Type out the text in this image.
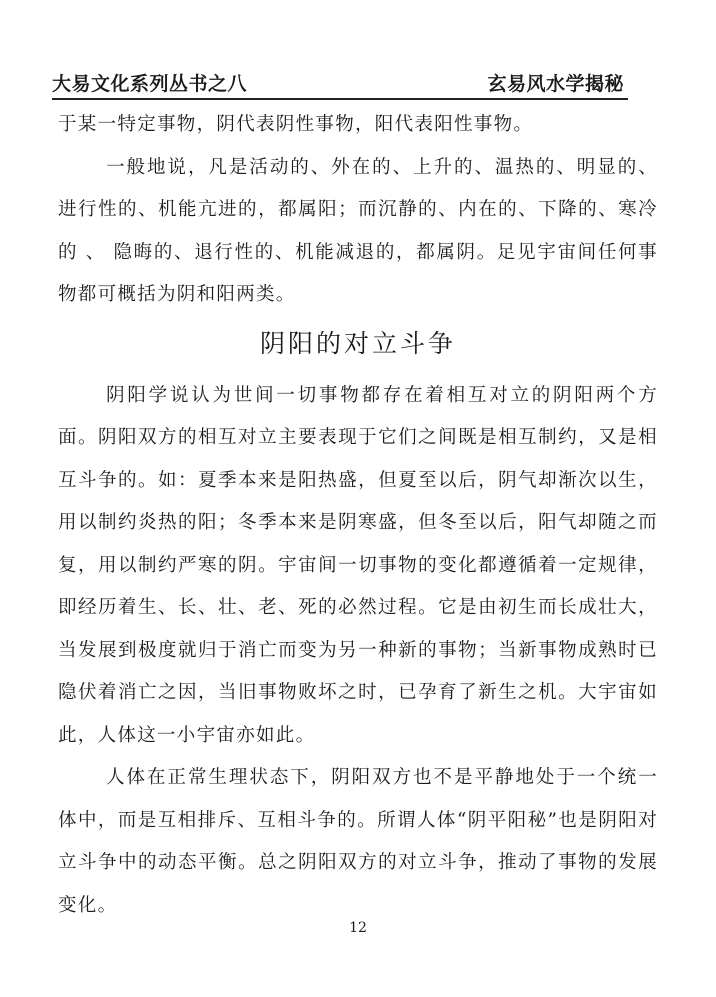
大易文化系列丛书之八	玄易风水学揭秘

于某一特定事物，阴代表阴性事物，阳代表阳性事物。

一般地说，凡是活动的、外在的、上升的、温热的、明显的、进行性的、机能亢进的，都属阳；而沉静的、内在的、下降的、寒冷的 、 隐晦的、退行性的、机能减退的，都属阴。足见宇宙间任何事物都可概括为阴和阳两类。

阴阳的对立斗争

阴阳学说认为世间一切事物都存在着相互对立的阴阳两个方面。阴阳双方的相互对立主要表现于它们之间既是相互制约，又是相互斗争的。如：夏季本来是阳热盛，但夏至以后，阴气却渐次以生，用以制约炎热的阳；冬季本来是阴寒盛，但冬至以后，阳气却随之而复，用以制约严寒的阴。宇宙间一切事物的变化都遵循着一定规律，即经历着生、长、壮、老、死的必然过程。它是由初生而长成壮大，当发展到极度就归于消亡而变为另一种新的事物；当新事物成熟时已隐伏着消亡之因，当旧事物败坏之时，已孕育了新生之机。大宇宙如此，人体这一小宇宙亦如此。

人体在正常生理状态下，阴阳双方也不是平静地处于一个统一体中，而是互相排斥、互相斗争的。所谓人体“阴平阳秘”也是阴阳对立斗争中的动态平衡。总之阴阳双方的对立斗争，推动了事物的发展变化。

12
